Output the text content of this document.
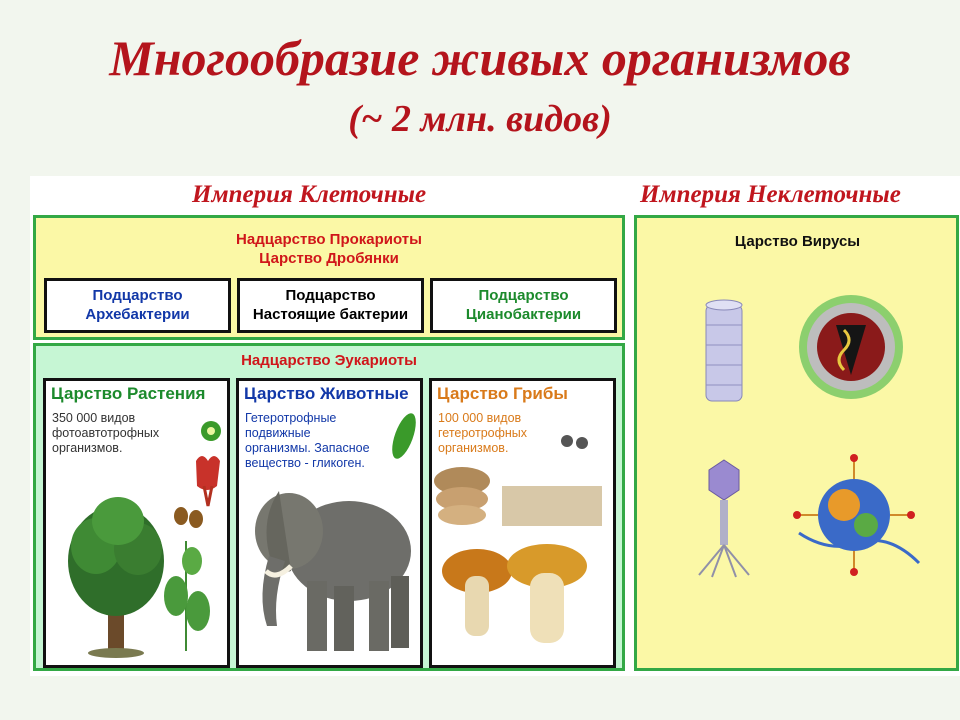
Многообразие живых организмов
(~ 2 млн. видов)
Империя Клеточные	Империя Неклеточные
Надцарство Прокариоты
Царство Дробянки
Подцарство
Архебактерии
Подцарство
Настоящие бактерии
Подцарство
Цианобактерии
Надцарство Эукариоты
Царство Растения
350 000 видов
фотоавтотрофных
организмов.
Царство Животные
Гетеротрофные
подвижные
организмы. Запасное
вещество - гликоген.
Царство Грибы
100 000 видов
гетеротрофных
организмов.
Царство Вирусы
